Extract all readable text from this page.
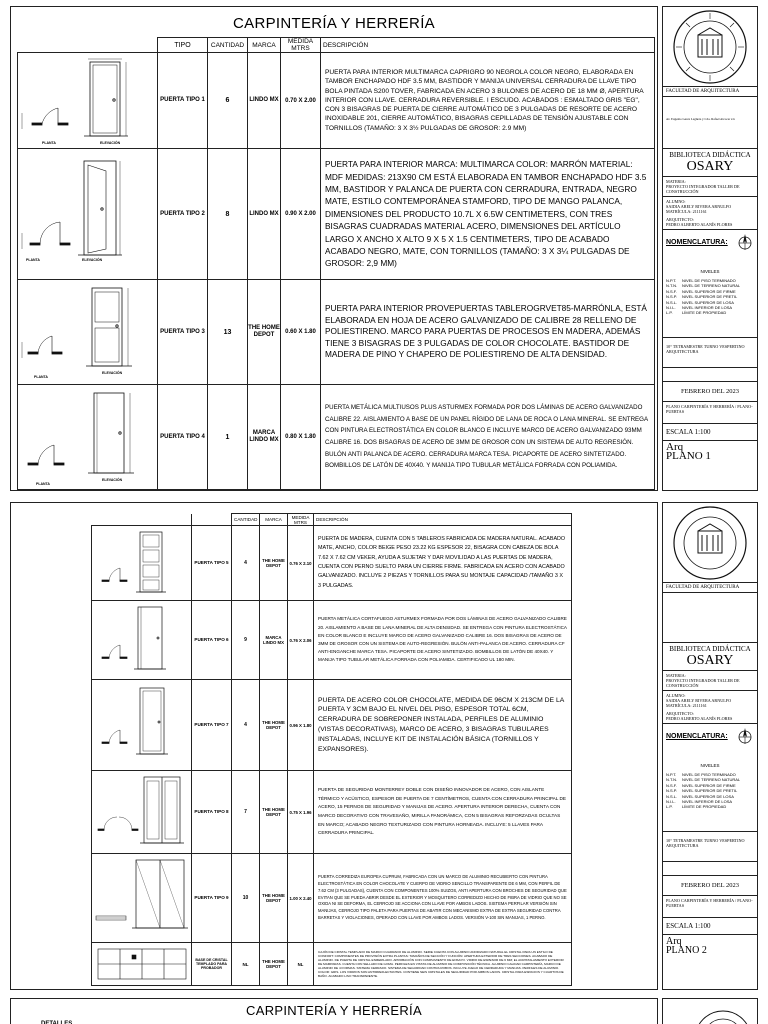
CARPINTERÍA Y HERRERÍA
	TIPO	CANTIDAD	MARCA	MEDIDA MTRS	DESCRIPCIÓN

PLANTA ELEVACIÓN	PUERTA TIPO 1	6	LINDO MX	0.70 X 2.00	PUERTA PARA INTERIOR MULTIMARCA CAPRIGRO 90 NEGROLA COLOR NEGRO, ELABORADA EN TAMBOR ENCHAPADO HDF 3.5 MM, BASTIDOR Y MANIJA UNIVERSAL CERRADURA DE LLAVE TIPO BOLA PINTADA S200 TOVER, FABRICADA EN ACERO 3 BULONES DE ACERO DE 18 MM Ø, APERTURA INTERIOR CON LLAVE. CERRADURA REVERSIBLE. I ESCUDO. ACABADOS : ESMALTADO GRIS "EG", CON 3 BISAGRAS DE PUERTA DE CIERRE AUTOMÁTICO DE 3 PULGADAS DE RESORTE DE ACERO INOXIDABLE 201, CIERRE AUTOMÁTICO, BISAGRAS CEPILLADAS DE TENSIÓN AJUSTABLE CON TORNILLOS (TAMAÑO: 3 X 3½ PULGADAS DE GROSOR: 2.9 MM)

PLANTA ELEVACIÓN	PUERTA TIPO 2	8	LINDO MX	0.90 X 2.00	PUERTA PARA INTERIOR MARCA: MULTIMARCA COLOR: MARRÓN MATERIAL: MDF MEDIDAS: 213X90 CM ESTÁ ELABORADA EN TAMBOR ENCHAPADO HDF 3.5 MM, BASTIDOR Y PALANCA DE PUERTA CON CERRADURA, ENTRADA, NEGRO MATE, ESTILO CONTEMPORÁNEA STAMFORD, TIPO DE MANGO PALANCA, DIMENSIONES DEL PRODUCTO 10.7L X 6.5W CENTIMETERS, CON TRES BISAGRAS CUADRADAS MATERIAL ACERO, DIMENSIONES DEL ARTÍCULO LARGO X ANCHO X ALTO 9 X 5 X 1.5 CENTIMETERS, TIPO DE ACABADO ACABADO NEGRO, MATE, CON TORNILLOS (TAMAÑO: 3 X 3¼ PULGADAS DE GROSOR: 2,9 MM)

ELEVACIÓN
PLANTA	PUERTA TIPO 3	13	THE HOME DEPOT	0.60 X 1.80	PUERTA PARA INTERIOR PROVEPUERTAS TABLEROGRVET85-MARRÓNLA, ESTÁ ELABORADA EN HOJA DE ACERO GALVANIZADO DE CALIBRE 28 RELLENO DE POLIESTIRENO. MARCO PARA PUERTAS DE PROCESOS EN MADERA, ADEMÁS TIENE 3 BISAGRAS DE 3 PULGADAS DE COLOR CHOCOLATE. BASTIDOR DE MADERA DE PINO Y CHAPERO DE POLIESTIRENO DE ALTA DENSIDAD.

ELEVACIÓN
PLANTA	PUERTA TIPO 4	1	MARCA LINDO MX	0.80 X 1.80	PUERTA METÁLICA MULTIUSOS PLUS ASTURMEX FORMADA POR DOS LÁMINAS DE ACERO GALVANIZADO CALIBRE 22. AISLAMIENTO A BASE DE UN PANEL RÍGIDO DE LANA DE ROCA O LANA MINERAL. SE ENTREGA CON PINTURA ELECTROSTÁTICA EN COLOR BLANCO E INCLUYE MARCO DE ACERO GALVANIZADO 93MM CALIBRE 16. DOS BISAGRAS DE ACERO DE 3MM DE GROSOR CON UN SISTEMA DE AUTO REGRESIÓN. BULÓN ANTI PALANCA DE ACERO. CERRADURA MARCA TESA. PICAPORTE DE ACERO SINTETIZADO. BOMBILLOS DE LATÓN DE 40X40. Y MANIJA TIPO TUBULAR METÁLICA FORRADA CON POLIAMIDA.
FACULTAD DE ARQUITECTURA
Av. Eugenio Garza Lagüera y Cda. Rafael Alcocer s/n
BIBLIOTECA DIDÁCTICA
OSARY
MATERIA:
PROYECTO INTEGRADOR TALLER DE CONSTRUCCIÓN
ALUMNO:
SAIDIA ARELY RIVERA ARNULFO MATRÍCULA: 2111161
ARQUITECTO:
PEDRO ALBERTO ALANÍS FLORES
NOMENCLATURA:
NIVELES
N.P.T.	NIVEL DE PISO TERMINADO
N.T.N.	NIVEL DE TERRENO NATURAL
N.S.F.	NIVEL SUPERIOR DE FIRME
N.S.P.	NIVEL SUPERIOR DE PRETIL
N.S.L.	NIVEL SUPERIOR DE LOSA
N.I.L.	NIVEL INFERIOR DE LOSA
L.P.	LÍMITE DE PROPIEDAD
10° TETRAMESTRE TURNO VESPERTINO ARQUITECTURA
FEBRERO DEL 2023
PLANO CARPINTERÍA Y HERRERÍA / PLANO-PUERTAS
ESCALA 1:100
Arq
PLANO 1
		CANTIDAD	MARCA	MEDIDA MTRS	DESCRIPCIÓN

	PUERTA TIPO 5	4	THE HOME DEPOT	0.76 X 2.10	PUERTA DE MADERA, CUENTA CON 5 TABLEROS FABRICADA DE MADERA NATURAL. ACABADO MATE, ANCHO, COLOR BEIGE PESO 23.22 KG ESPESOR 22, BISAGRA CON CABEZA DE BOLA 7.62 X 7.62 CM VEKER, AYUDA A SUJETAR Y DAR MOVILIDAD A LAS PUERTAS DE MADERA, CUENTA CON PERNO SUELTO PARA UN CIERRE FIRME. FABRICADA EN ACERO CON ACABADO GALVANIZADO. INCLUYE 2 PIEZAS Y TORNILLOS PARA SU MONTAJE CAPACIDAD /TAMAÑO 3 X 3 PULGADAS.

	PUERTA TIPO 6	9	MARCA LINDO MX	0.76 X 2.06	PUERTA METÁLICA CORTAFUEGO ASTURMEX FORMADA POR DOS LÁMINAS DE ACERO GALVANIZADO CALIBRE 20. AISLAMIENTO A BASE DE LANA MINERAL DE ALTA DENSIDAD. SE ENTREGA CON PINTURA ELECTROSTÁTICA EN COLOR BLANCO E INCLUYE MARCO DE ACERO GALVANIZADO CALIBRE 16. DOS BISAGRAS DE ACERO DE 3MM DE GROSOR CON UN SISTEMA DE AUTO-REGRESIÓN. BULÓN ANTI-PALANCA DE ACERO. CERRADURA CF ANTI-ENGANCHE MARCA TESA. PICAPORTE DE ACERO SINTETIZADO. BOMBILLOS DE LATÓN DE 40X40. Y MANIJA TIPO TUBULAR METÁLICA FORRADA CON POLIAMIDA. CERTIFICADO UL 180 MIN.

	PUERTA TIPO 7	4	THE HOME DEPOT	0.96 X 1.80	PUERTA DE ACERO COLOR CHOCOLATE, MEDIDA DE 96CM X 213CM DE LA PUERTA Y 3CM BAJO EL NIVEL DEL PISO, ESPESOR TOTAL 6CM, CERRADURA DE SOBREPONER INSTALADA, PERFILES DE ALUMINIO (VISTAS DECORATIVAS), MARCO DE ACERO, 3 BISAGRAS TUBULARES INSTALADAS, INCLUYE KIT DE INSTALACIÓN BÁSICA (TORNILLOS Y EXPANSORES).

	PUERTA TIPO 8	7	THE HOME DEPOT	0.75 X 1.96	PUERTA DE SEGURIDAD MONTERREY DOBLE CON DISEÑO INNOVADOR DE ACERO, CON AISLANTE TÉRMICO Y ACÚSTICO, ESPESOR DE PUERTA DE 7 CENTÍMETROS, CUENTA CON CERRADURA PRINCIPAL DE ACERO, 15 PERNOS DE SEGURIDAD Y MANIJAS DE ACERO. APERTURA INTERIOR DERECHA, CUENTA CON MARCO DECORATIVO CON TRAVESAÑO, MIRILLA PANORÁMICA, CON 5 BISAGRAS REFORZADAS OCULTAS EN MARCO; ACABADO NEGRO TEXTURIZADO CON PINTURA HORNEADA. INCLUYE: 5 LLAVES PARA CERRADURA PRINCIPAL.

	PUERTA TIPO 9	10	THE HOME DEPOT	1.00 X 2.40	PUERTA CORREDIZA EUROPEA CUPRUM, FABRICADA CON UN MARCO DE ALUMINIO RECUBIERTO CON PINTURA ELECTROSTÁTICA EN COLOR CHOCOLATE Y CUERPO DE VIDRIO SENCILLO TRANSPARENTE DE 6 MM, CON PERFIL DE 7.62 CM (3 PULGADAS), CUENTA CON COMPONENTES 100% SUIZOS, ANTI APERTURA CON BROCHES DE SEGURIDAD QUE EVITAN QUE SE PUEDA ABRIR DESDE EL EXTERIOR Y MOSQUITERO CORREDIZO HECHO DE FIBRA DE VIDRIO QUE NO SE OXIDA NI SE DEFORMA, EL CERROJO SE ACCIONA CON LLAVE POR AMBOS LADOS. SISTEMA PERFILAR VERSIÓN SIN MANIJAS, CERROJO TIPO PALETA PARA PUERTAS DE ABATIR CON MECANISMO EXTRA DE EXTRA SEGURIDAD CONTRA BARRETAS Y VIOLACIONES, OPERADO CON LLAVE POR AMBOS LADOS. VERSIÓN V-100 SIN MANIJAS, 1 PERNO.

	BASE DE CRISTAL TEMPLADO PARA PROBADOR	NL	THE HOME DEPOT	NL	CAJÓN DE CRISTAL TEMPLADO DE MARCO CUADRADO DE ALUMINIO. SERIE CUENTA CON ALUMINIO ANODIZADO NATURAL EL CRISTAL PARA UN ESTILO DE CONFORT: COMPONENTES DE PROVISIÓN EXTRA PLANTAS: TAMAÑOS DE SECCIÓN Y FUNCIÓN: APERTURA EXTERIOR DE TRES SECCIONES. ACABADO DE ALUMINIO. DE PUERTA DE CRISTAL ESMERILADO. APROBACIÓN CON CUMPLIMIENTO DE ENSAYO. VIDRIO DE ESPESOR DE 6 MM; EL ACRISTALAMIENTO EXTERIOR DE MAMPARAS. CUENTA CON SELLADO DE GOMA. PERFILES EN VISTAS DE ALUMINIO DE COMPOSICIÓN TÉCNICA. ALUMINIO CALIDAD CARPINTERÍA, MARCO DE ALUMINIO DE 4 FORMAS. SISTEMA CERRADO. SISTEMA DE SEGURIDAD CONTRA ROBOS. INCLUYE JUEGO DE CERRADURA Y MANIJAS. PERFILES DE ALUMINIO. COLOR: GRIS. LOS VIDRIOS SON ANTIRREFLECTANTES. CONTIENE SEIS CRISTALES DE SEGURIDAD POR AMBOS LADOS. CRISTAL PARA ESPACIOS Y CUARTOS DE BAÑO. ACABADO LISO TRANSPARENTE.
FACULTAD DE ARQUITECTURA
BIBLIOTECA DIDÁCTICA
OSARY
MATERIA:
PROYECTO INTEGRADOR TALLER DE CONSTRUCCIÓN
ALUMNO:
SAIDIA ARELY RIVERA ARNULFO MATRÍCULA: 2111161
ARQUITECTO:
PEDRO ALBERTO ALANÍS FLORES
NOMENCLATURA:
NIVELES
N.P.T.	NIVEL DE PISO TERMINADO
N.T.N.	NIVEL DE TERRENO NATURAL
N.S.F.	NIVEL SUPERIOR DE FIRME
N.S.P.	NIVEL SUPERIOR DE PRETIL
N.S.L.	NIVEL SUPERIOR DE LOSA
N.I.L.	NIVEL INFERIOR DE LOSA
L.P.	LÍMITE DE PROPIEDAD
10° TETRAMESTRE TURNO VESPERTINO ARQUITECTURA
FEBRERO DEL 2023
PLANO CARPINTERÍA Y HERRERÍA / PLANO-PUERTAS
ESCALA 1:100
Arq
PLANO 2
CARPINTERÍA Y HERRERÍA
DETALLES
